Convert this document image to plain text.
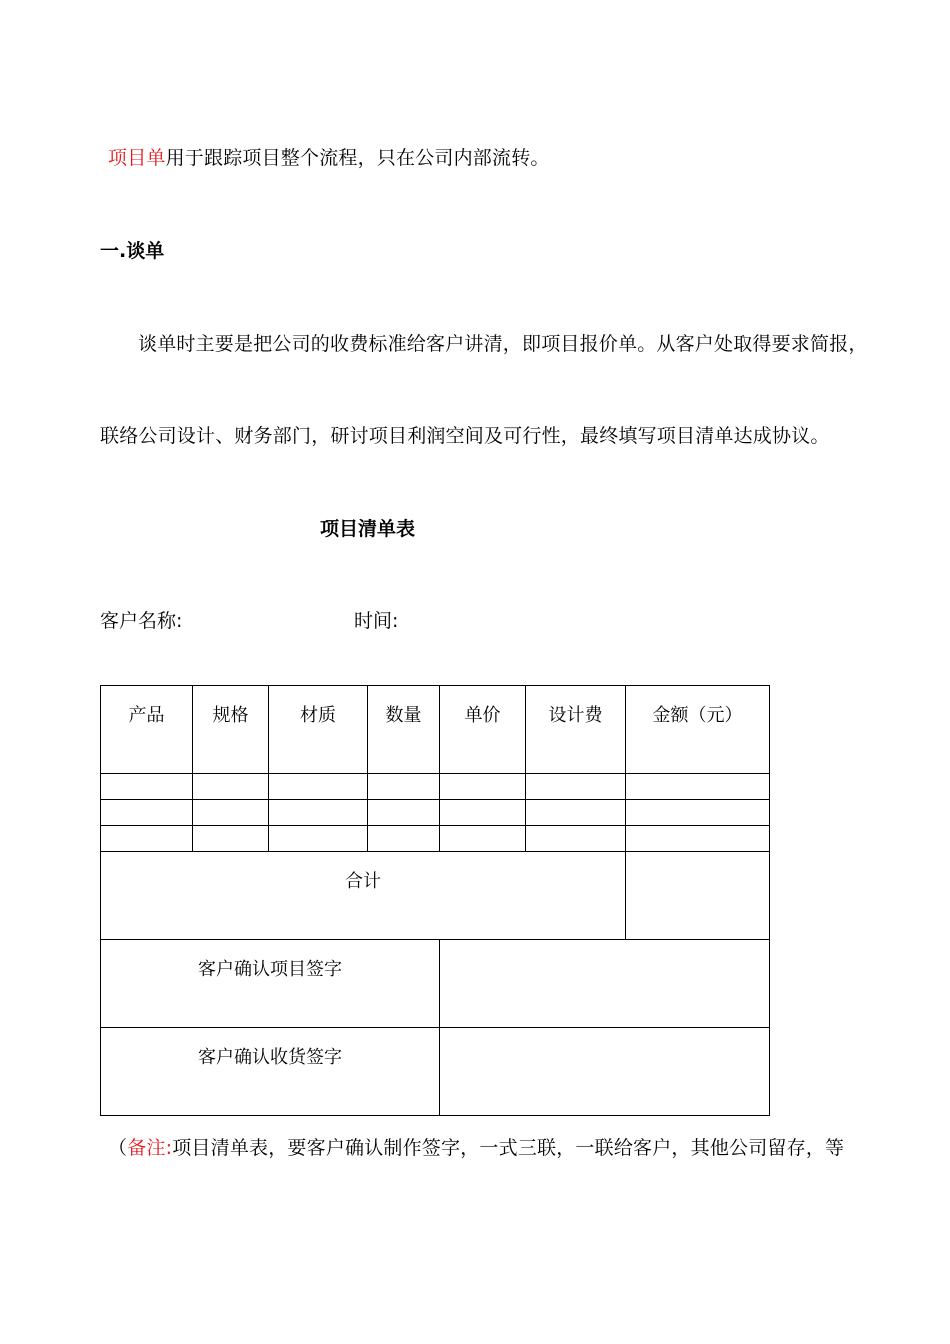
项目单用于跟踪项目整个流程，只在公司内部流转。
一.谈单
谈单时主要是把公司的收费标准给客户讲清，即项目报价单。从客户处取得要求简报，
联络公司设计、财务部门，研讨项目利润空间及可行性，最终填写项目清单达成协议。
项目清单表
客户名称:	时间:
产品	规格	材质	数量	单价	设计费	金额（元）

合计						
客户确认项目签字						
客户确认收货签字						
（备注:项目清单表，要客户确认制作签字，一式三联，一联给客户，其他公司留存，等
